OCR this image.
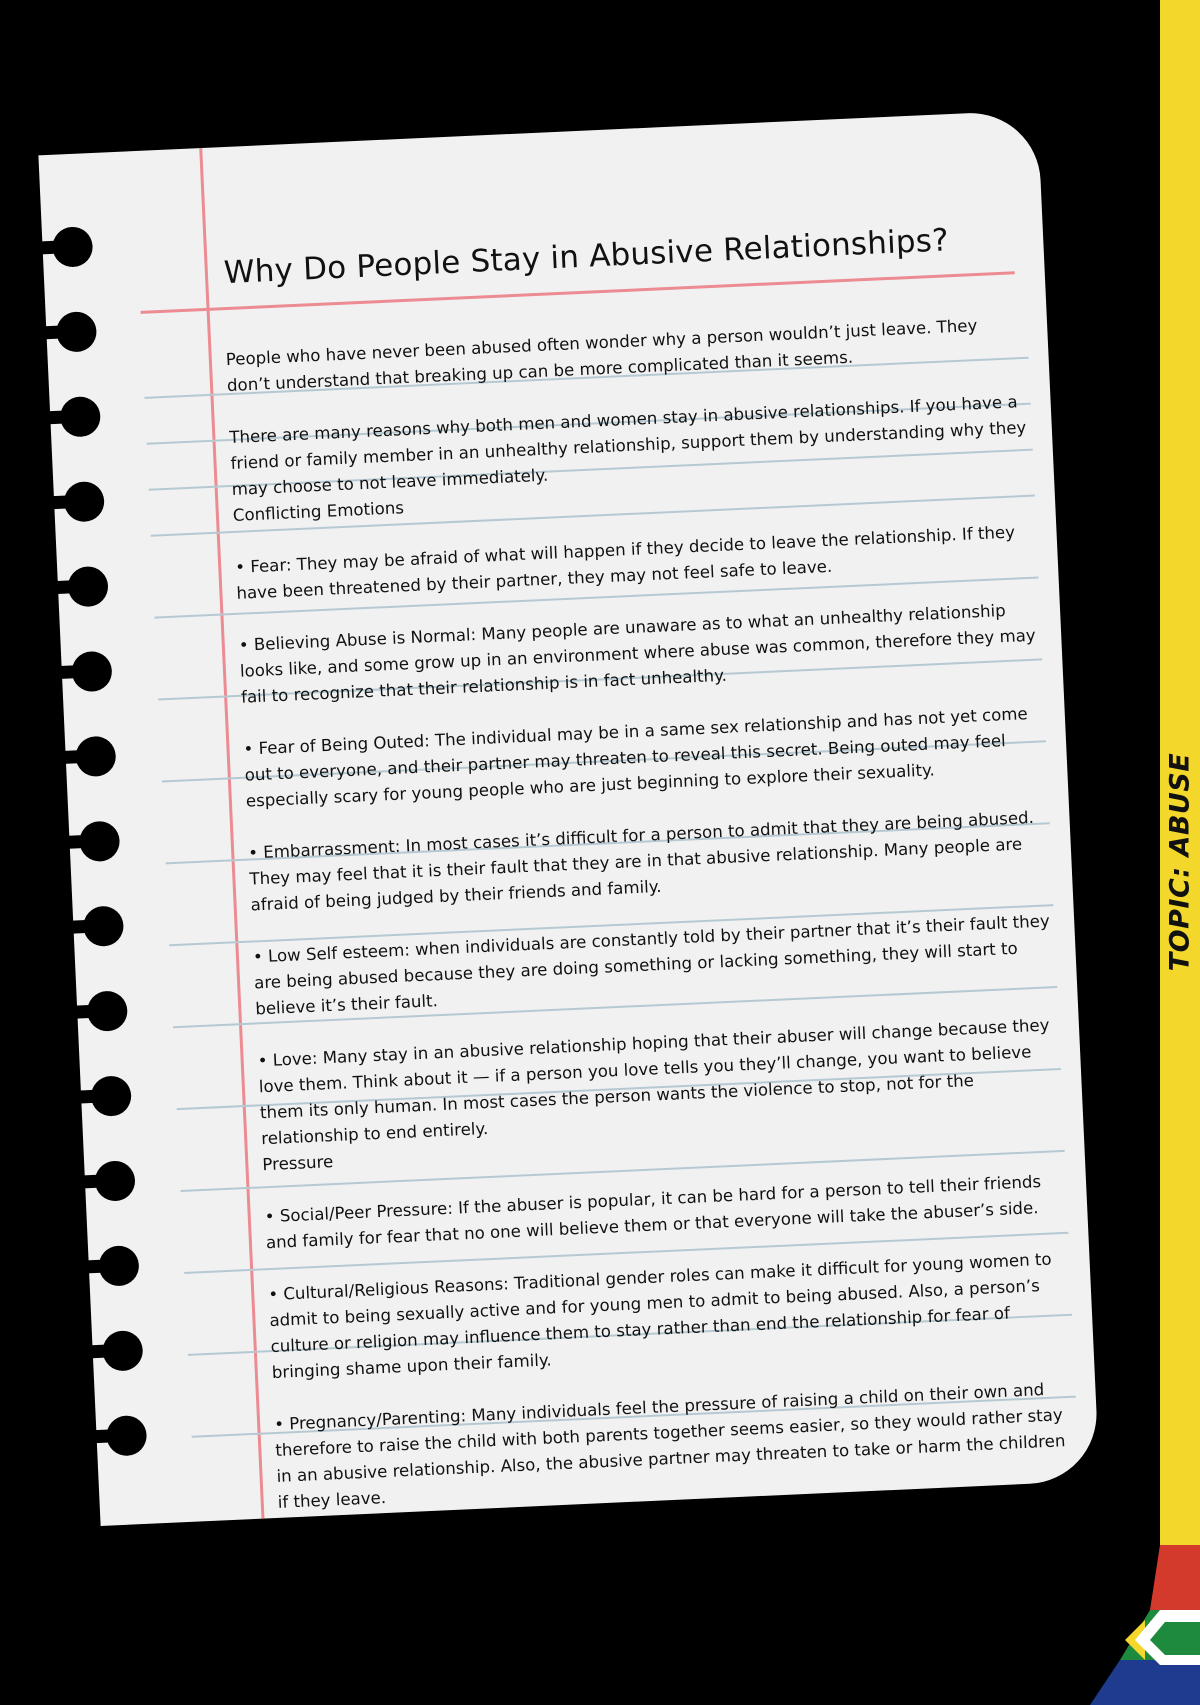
TOPIC: ABUSE
Why Do People Stay in Abusive Relationships?

People who have never been abused often wonder why a person wouldn’t just leave. They don’t understand that breaking up can be more complicated than it seems.

There are many reasons why both men and women stay in abusive relationships. If you have a friend or family member in an unhealthy relationship, support them by understanding why they may choose to not leave immediately.

Conflicting Emotions

• Fear: They may be afraid of what will happen if they decide to leave the relationship. If they have been threatened by their partner, they may not feel safe to leave.

• Believing Abuse is Normal: Many people are unaware as to what an unhealthy relationship looks like, and some grow up in an environment where abuse was common, therefore they may fail to recognize that their relationship is in fact unhealthy.

• Fear of Being Outed: The individual may be in a same sex relationship and has not yet come out to everyone, and their partner may threaten to reveal this secret. Being outed may feel especially scary for young people who are just beginning to explore their sexuality.

• Embarrassment: In most cases it’s difficult for a person to admit that they are being abused. They may feel that it is their fault that they are in that abusive relationship. Many people are afraid of being judged by their friends and family.

• Low Self esteem: when individuals are constantly told by their partner that it’s their fault they are being abused because they are doing something or lacking something, they will start to believe it’s their fault.

• Love: Many stay in an abusive relationship hoping that their abuser will change because they love them. Think about it — if a person you love tells you they’ll change, you want to believe them its only human. In most cases the person wants the violence to stop, not for the relationship to end entirely.

Pressure

• Social/Peer Pressure: If the abuser is popular, it can be hard for a person to tell their friends and family for fear that no one will believe them or that everyone will take the abuser’s side.

• Cultural/Religious Reasons: Traditional gender roles can make it difficult for young women to admit to being sexually active and for young men to admit to being abused. Also, a person’s culture or religion may influence them to stay rather than end the relationship for fear of bringing shame upon their family.

• Pregnancy/Parenting: Many individuals feel the pressure of raising a child on their own and therefore to raise the child with both parents together seems easier, so they would rather stay in an abusive relationship. Also, the abusive partner may threaten to take or harm the children if they leave.
